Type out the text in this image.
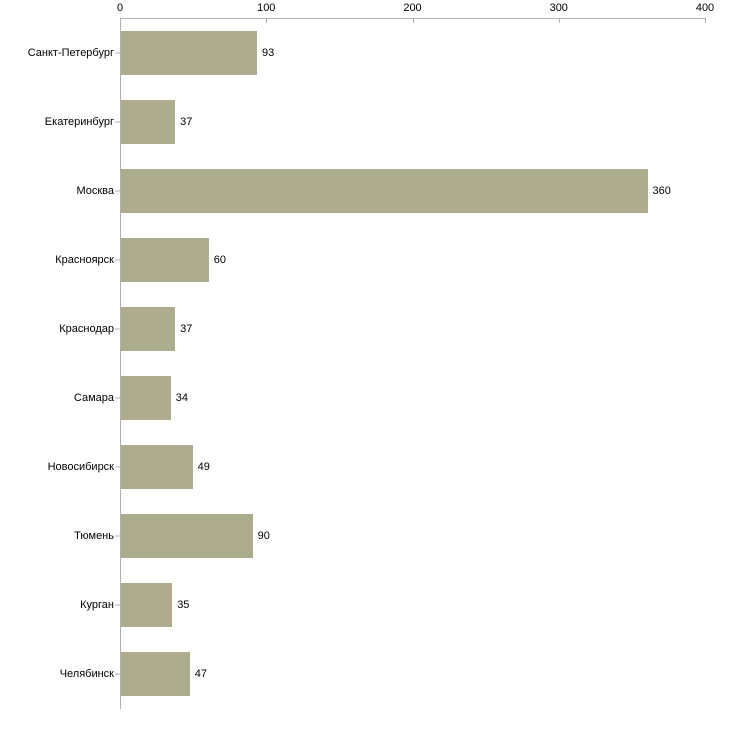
Санкт-Петербург	93
Екатеринбург	37
Москва	360
Красноярск	60
Краснодар	37
Самара	34
Новосибирск	49
Тюмень	90
Курган	35
Челябинск	47
0	100	200	300	400
